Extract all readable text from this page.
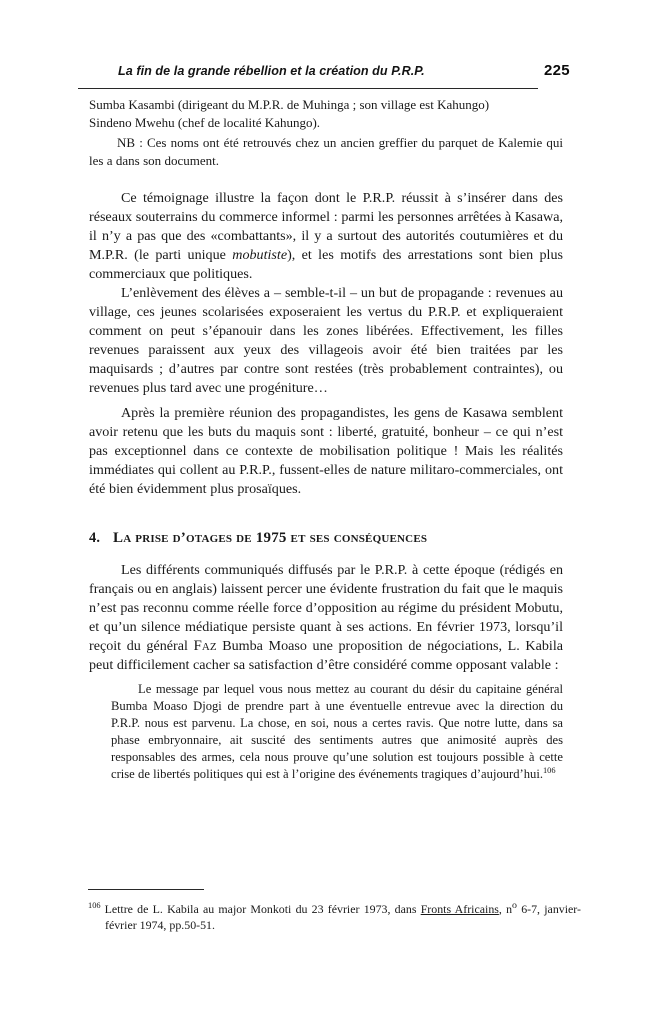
La fin de la grande rébellion et la création du P.R.P.	225
Sumba Kasambi (dirigeant du M.P.R. de Muhinga ; son village est Kahungo)
Sindeno Mwehu (chef de localité Kahungo).

NB : Ces noms ont été retrouvés chez un ancien greffier du parquet de Kalemie qui les a dans son document.

Ce témoignage illustre la façon dont le P.R.P. réussit à s’insérer dans des réseaux souterrains du commerce informel : parmi les personnes arrêtées à Kasawa, il n’y a pas que des «combattants», il y a surtout des autorités coutumières et du M.P.R. (le parti unique mobutiste), et les motifs des arrestations sont bien plus commerciaux que politiques.

L’enlèvement des élèves a – semble-t-il – un but de propagande : revenues au village, ces jeunes scolarisées exposeraient les vertus du P.R.P. et expliqueraient comment on peut s’épanouir dans les zones libérées. Effectivement, les filles revenues paraissent aux yeux des villageois avoir été bien traitées par les maquisards ; d’autres par contre sont restées (très probablement contraintes), ou revenues plus tard avec une progéniture…

Après la première réunion des propagandistes, les gens de Kasawa semblent avoir retenu que les buts du maquis sont : liberté, gratuité, bonheur – ce qui n’est pas exceptionnel dans ce contexte de mobilisation politique ! Mais les réalités immédiates qui collent au P.R.P., fussent-elles de nature militaro-commerciales, ont été bien évidemment plus prosaïques.

4. La prise d’otages de 1975 et ses conséquences

Les différents communiqués diffusés par le P.R.P. à cette époque (rédigés en français ou en anglais) laissent percer une évidente frustration du fait que le maquis n’est pas reconnu comme réelle force d’opposition au régime du président Mobutu, et qu’un silence médiatique persiste quant à ses actions. En février 1973, lorsqu’il reçoit du général Faz Bumba Moaso une proposition de négociations, L. Kabila peut difficilement cacher sa satisfaction d’être considéré comme opposant valable :

Le message par lequel vous nous mettez au courant du désir du capitaine général Bumba Moaso Djogi de prendre part à une éventuelle entrevue avec la direction du P.R.P. nous est parvenu. La chose, en soi, nous a certes ravis. Que notre lutte, dans sa phase embryonnaire, ait suscité des sentiments autres que animosité auprès des responsables des armes, cela nous prouve qu’une solution est toujours possible à cette crise de libertés politiques qui est à l’origine des événements tragiques d’aujourd’hui.$^{106}$

$^{106}$ Lettre de L. Kabila au major Monkoti du 23 février 1973, dans Fronts Africains, $n^o$ 6-7, janvier-février 1974, pp.50-51.
